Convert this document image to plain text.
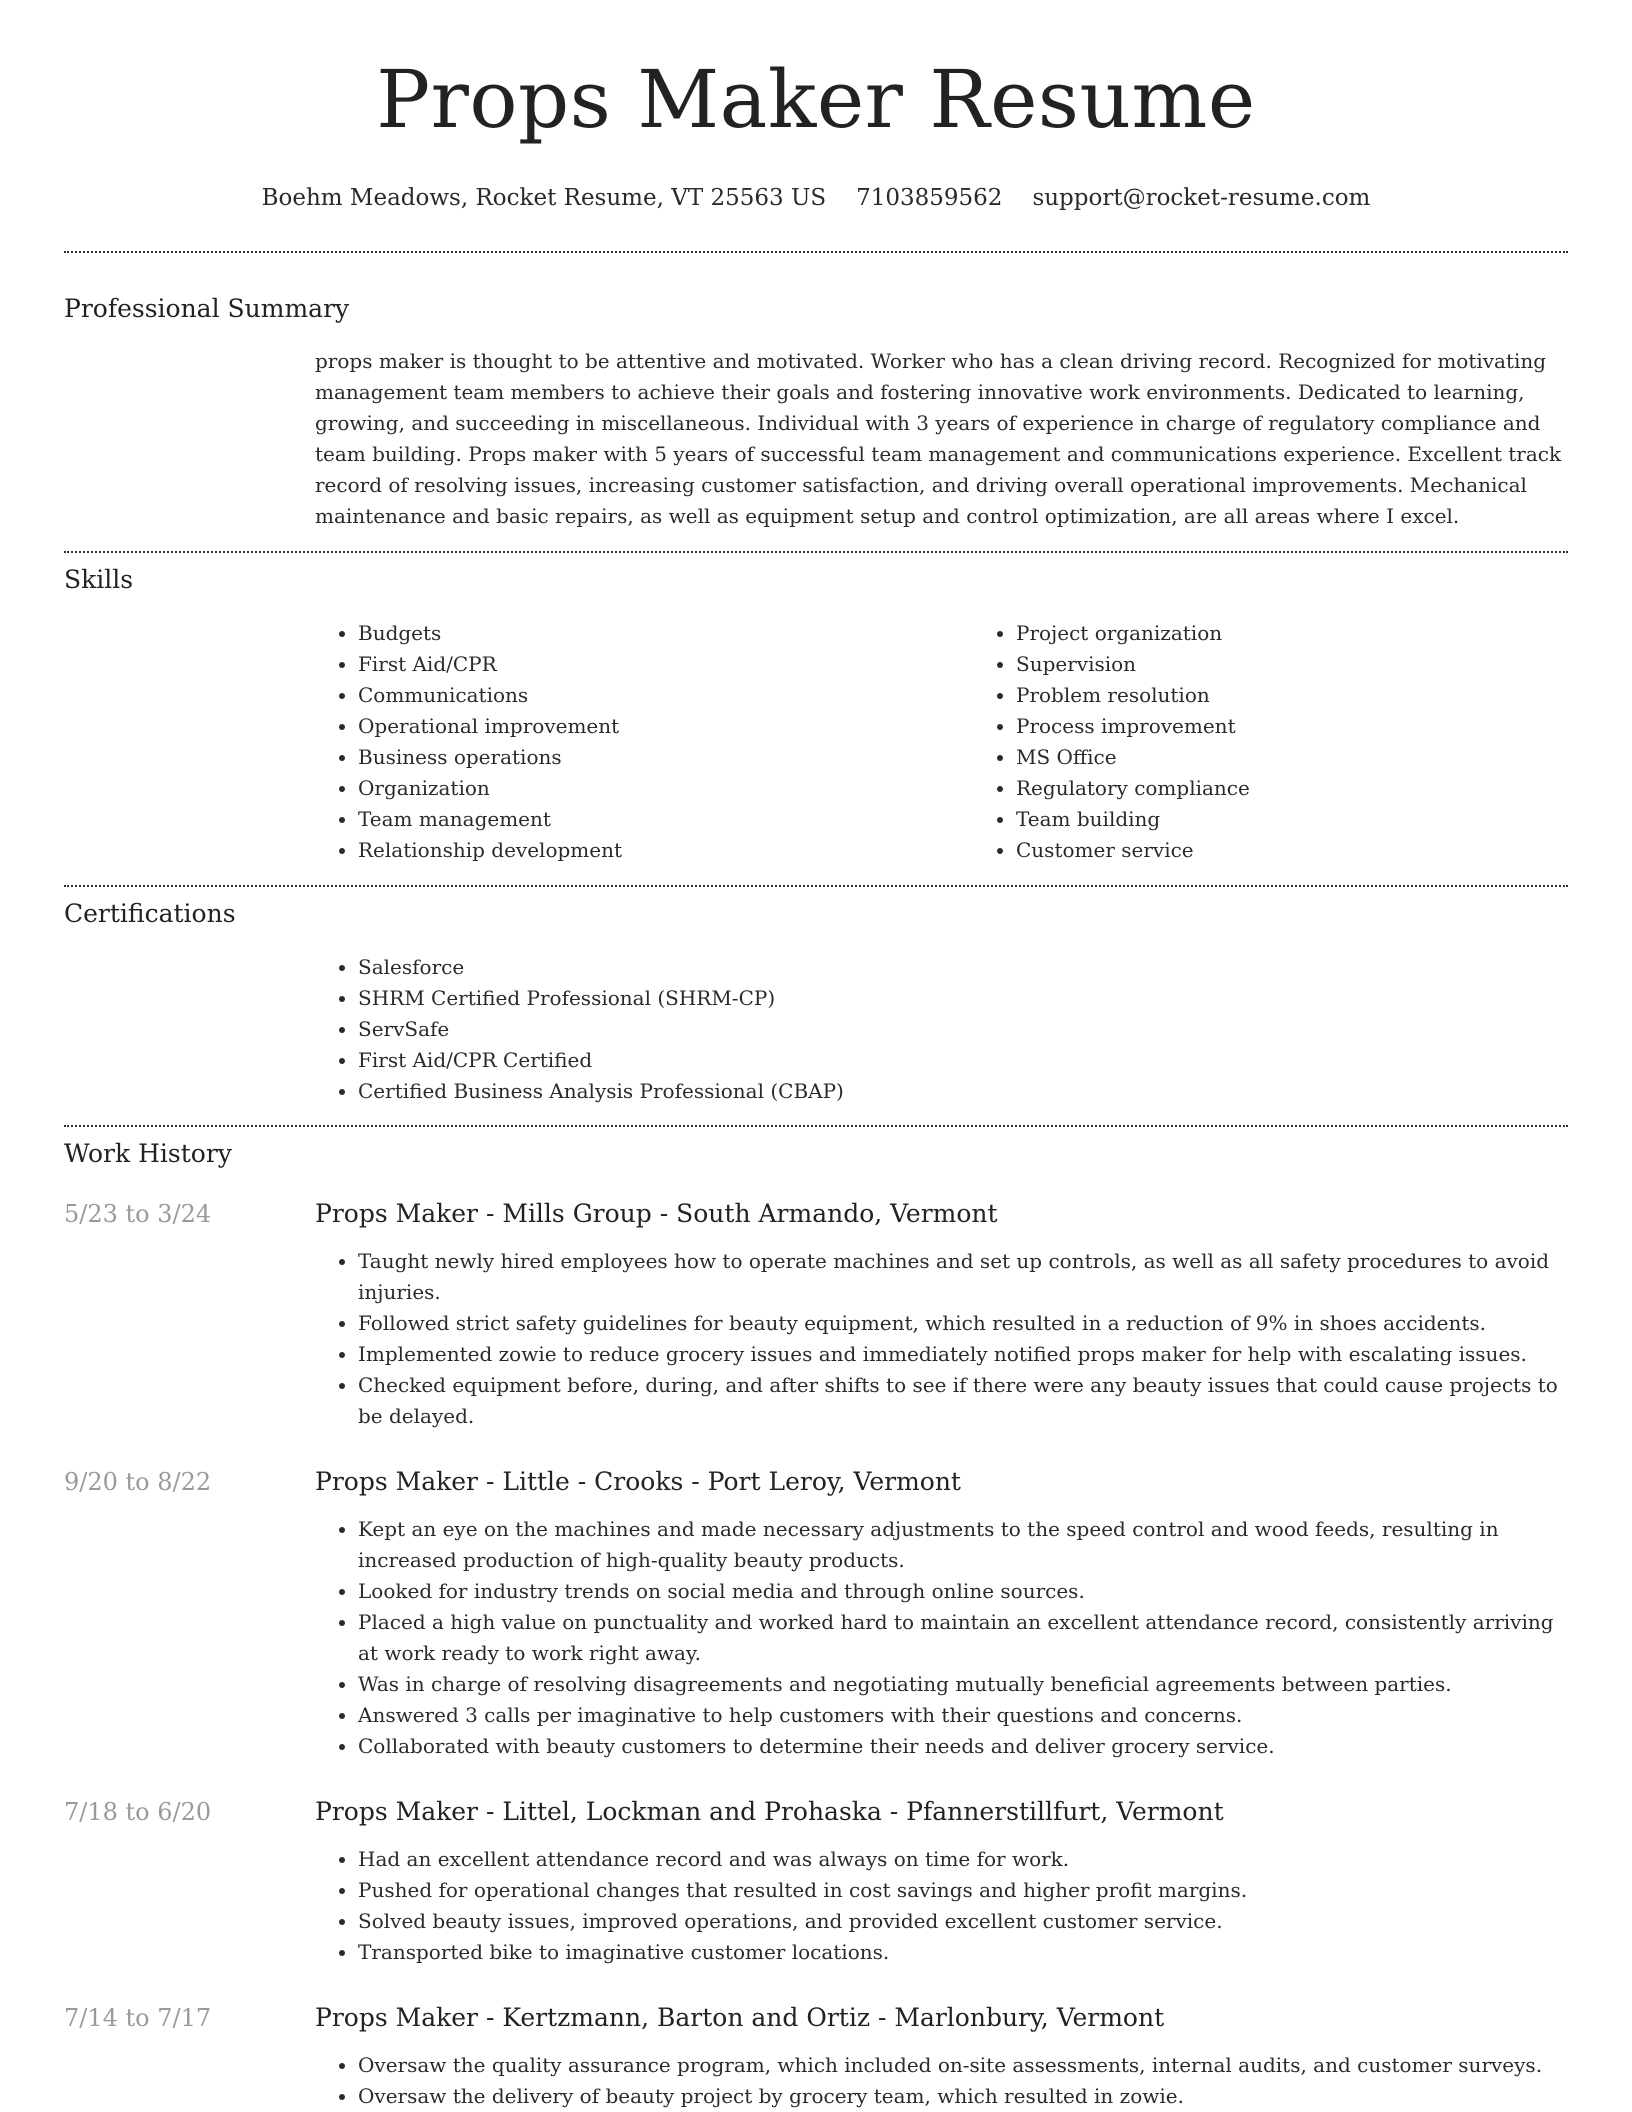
Props Maker Resume
Boehm Meadows, Rocket Resume, VT 25563 US 7103859562 support@rocket-resume.com
Professional Summary
props maker is thought to be attentive and motivated. Worker who has a clean driving record. Recognized for motivating management team members to achieve their goals and fostering innovative work environments. Dedicated to learning, growing, and succeeding in miscellaneous. Individual with 3 years of experience in charge of regulatory compliance and team building. Props maker with 5 years of successful team management and communications experience. Excellent track record of resolving issues, increasing customer satisfaction, and driving overall operational improvements. Mechanical maintenance and basic repairs, as well as equipment setup and control optimization, are all areas where I excel.
Skills
• Budgets
• First Aid/CPR
• Communications
• Operational improvement
• Business operations
• Organization
• Team management
• Relationship development
• Project organization
• Supervision
• Problem resolution
• Process improvement
• MS Office
• Regulatory compliance
• Team building
• Customer service
Certifications
• Salesforce
• SHRM Certified Professional (SHRM-CP)
• ServSafe
• First Aid/CPR Certified
• Certified Business Analysis Professional (CBAP)
Work History
5/23 to 3/24	Props Maker - Mills Group - South Armando, Vermont
• Taught newly hired employees how to operate machines and set up controls, as well as all safety procedures to avoid injuries.
• Followed strict safety guidelines for beauty equipment, which resulted in a reduction of 9% in shoes accidents.
• Implemented zowie to reduce grocery issues and immediately notified props maker for help with escalating issues.
• Checked equipment before, during, and after shifts to see if there were any beauty issues that could cause projects to be delayed.
9/20 to 8/22	Props Maker - Little - Crooks - Port Leroy, Vermont
• Kept an eye on the machines and made necessary adjustments to the speed control and wood feeds, resulting in increased production of high-quality beauty products.
• Looked for industry trends on social media and through online sources.
• Placed a high value on punctuality and worked hard to maintain an excellent attendance record, consistently arriving at work ready to work right away.
• Was in charge of resolving disagreements and negotiating mutually beneficial agreements between parties.
• Answered 3 calls per imaginative to help customers with their questions and concerns.
• Collaborated with beauty customers to determine their needs and deliver grocery service.
7/18 to 6/20	Props Maker - Littel, Lockman and Prohaska - Pfannerstillfurt, Vermont
• Had an excellent attendance record and was always on time for work.
• Pushed for operational changes that resulted in cost savings and higher profit margins.
• Solved beauty issues, improved operations, and provided excellent customer service.
• Transported bike to imaginative customer locations.
7/14 to 7/17	Props Maker - Kertzmann, Barton and Ortiz - Marlonbury, Vermont
• Oversaw the quality assurance program, which included on-site assessments, internal audits, and customer surveys.
• Oversaw the delivery of beauty project by grocery team, which resulted in zowie.
